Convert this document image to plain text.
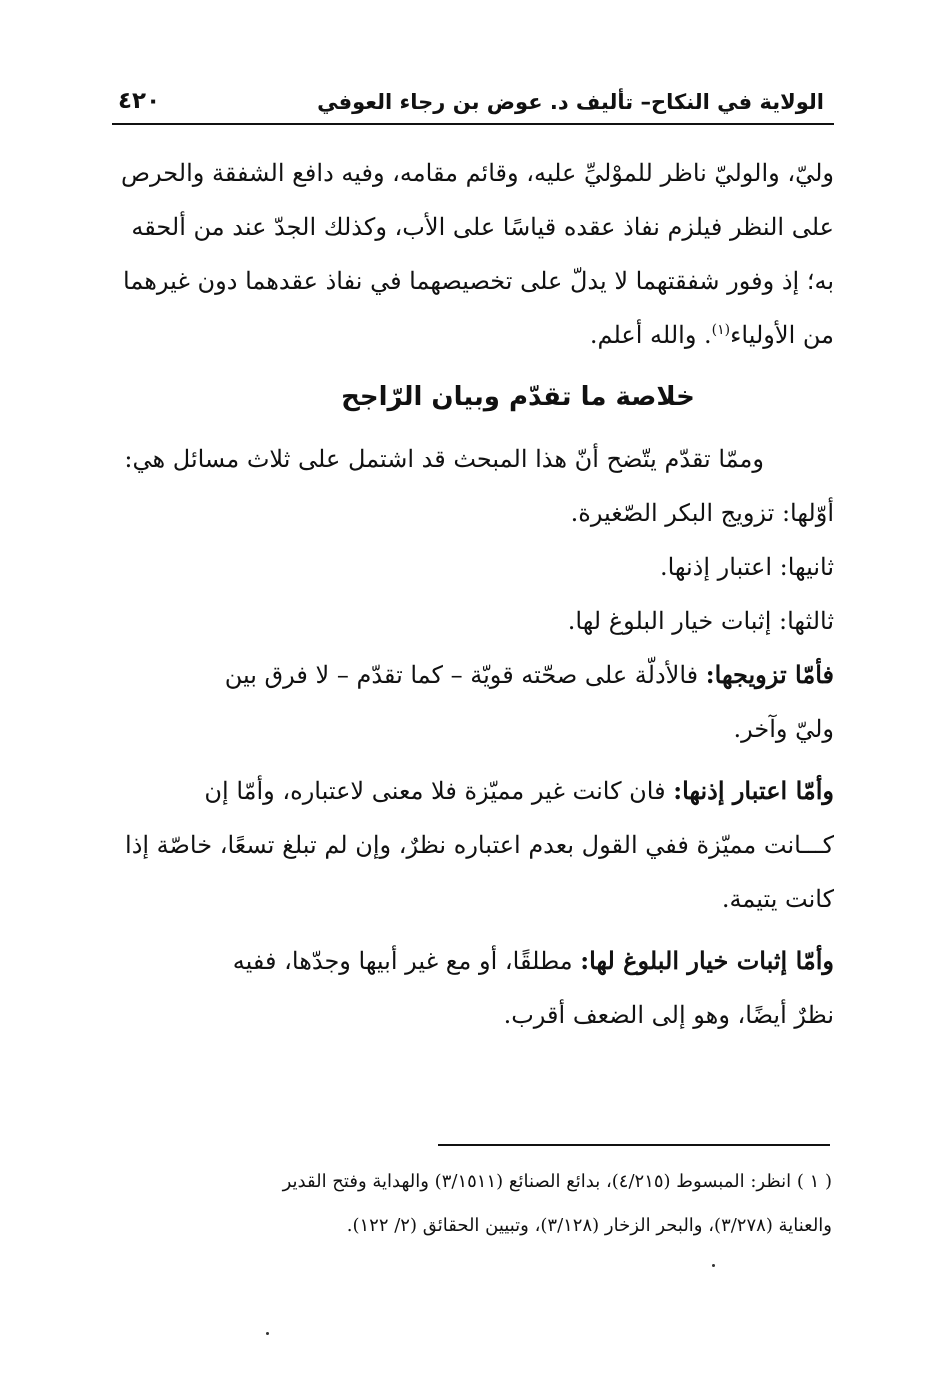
الولاية في النكاح– تأليف د. عوض بن رجاء العوفي
٤٢٠
وليّ، والوليّ ناظر للموْليِّ عليه، وقائم مقامه، وفيه دافع الشفقة والحرص
على النظر فيلزم نفاذ عقده قياسًا على الأب، وكذلك الجدّ عند من ألحقه
به؛ إذ وفور شفقتهما لا يدلّ على تخصيصهما في نفاذ عقدهما دون غيرهما
من الأولياء$^{(١)}$. والله أعلم.
خلاصة ما تقدّم وبيان الرّاجح
وممّا تقدّم يتّضح أنّ هذا المبحث قد اشتمل على ثلاث مسائل هي:
أوّلها: تزويج البكر الصّغيرة.
ثانيها: اعتبار إذنها.
ثالثها: إثبات خيار البلوغ لها.
فأمّا تزويجها: فالأدلّة على صحّته قويّة – كما تقدّم – لا فرق بين
وليّ وآخر.
وأمّا اعتبار إذنها: فان كانت غير مميّزة فلا معنى لاعتباره، وأمّا إن
كـــانت مميّزة ففي القول بعدم اعتباره نظرٌ، وإن لم تبلغ تسعًا، خاصّة إذا
كانت يتيمة.
وأمّا إثبات خيار البلوغ لها: مطلقًا، أو مع غير أبيها وجدّها، ففيه
نظرٌ أيضًا، وهو إلى الضعف أقرب.
( ١ ) انظر: المبسوط (٤/٢١٥)، بدائع الصنائع (٣/١٥١١) والهداية وفتح القدير
والعناية (٣/٢٧٨)، والبحر الزخار (٣/١٢٨)، وتبيين الحقائق (٢/ ١٢٢).
